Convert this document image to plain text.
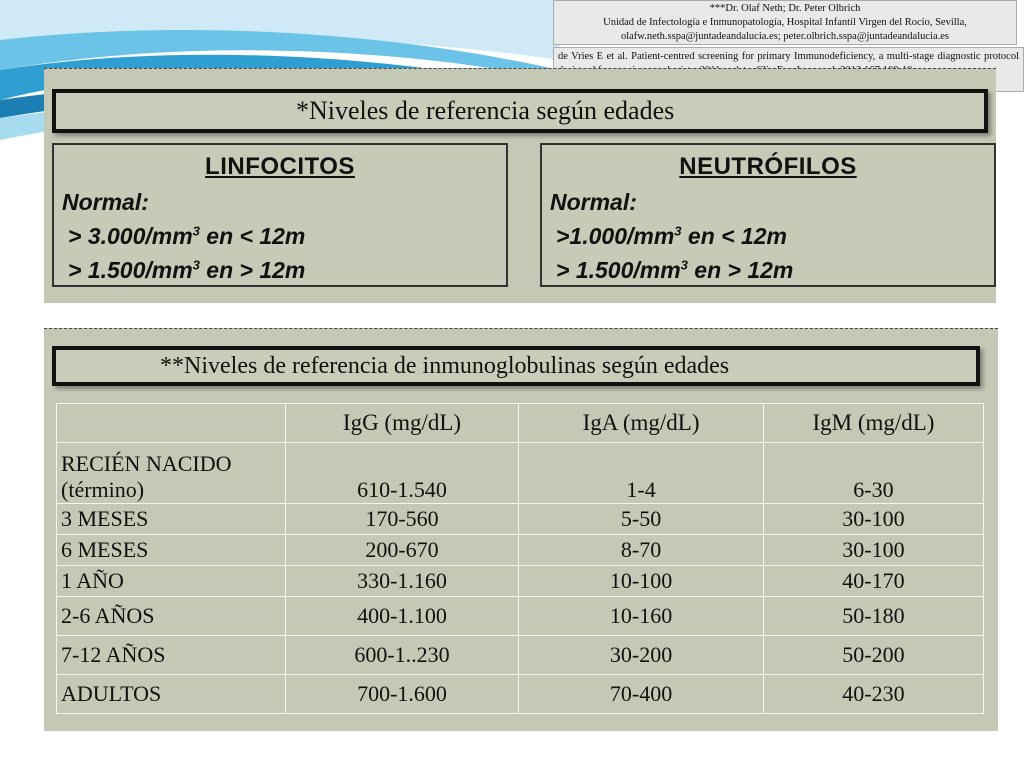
***Dr. Olaf Neth; Dr. Peter Olbrich
Unidad de Infectología e Inmunopatología, Hospital Infantil Virgen del Rocío, Sevilla,
olafw.neth.sspa@juntadeandalucia.es; peter.olbrich.sspa@juntadeandalucia.es
de Vries E et al. Patient-centred screening for primary Immunodeficiency, a multi-stage diagnostic protocol
*Niveles de referencia según edades
LINFOCITOS
Normal:
> $3.000/mm^3$ en < 12m
> $1.500/mm^3$ en > 12m
NEUTRÓFILOS
Normal:
$>1.000/mm^3$ en < 12m
> $1.500/mm^3$ en > 12m
**Niveles de referencia de inmunoglobulinas según edades
	IgG (mg/dL)	IgA (mg/dL)	IgM (mg/dL)

RECIÉN NACIDO
(término)	610-1.540	1-4	6-30
3 MESES	170-560	5-50	30-100
6 MESES	200-670	8-70	30-100
1 AÑO	330-1.160	10-100	40-170
2-6 AÑOS	400-1.100	10-160	50-180
7-12 AÑOS	600-1..230	30-200	50-200
ADULTOS	700-1.600	70-400	40-230
